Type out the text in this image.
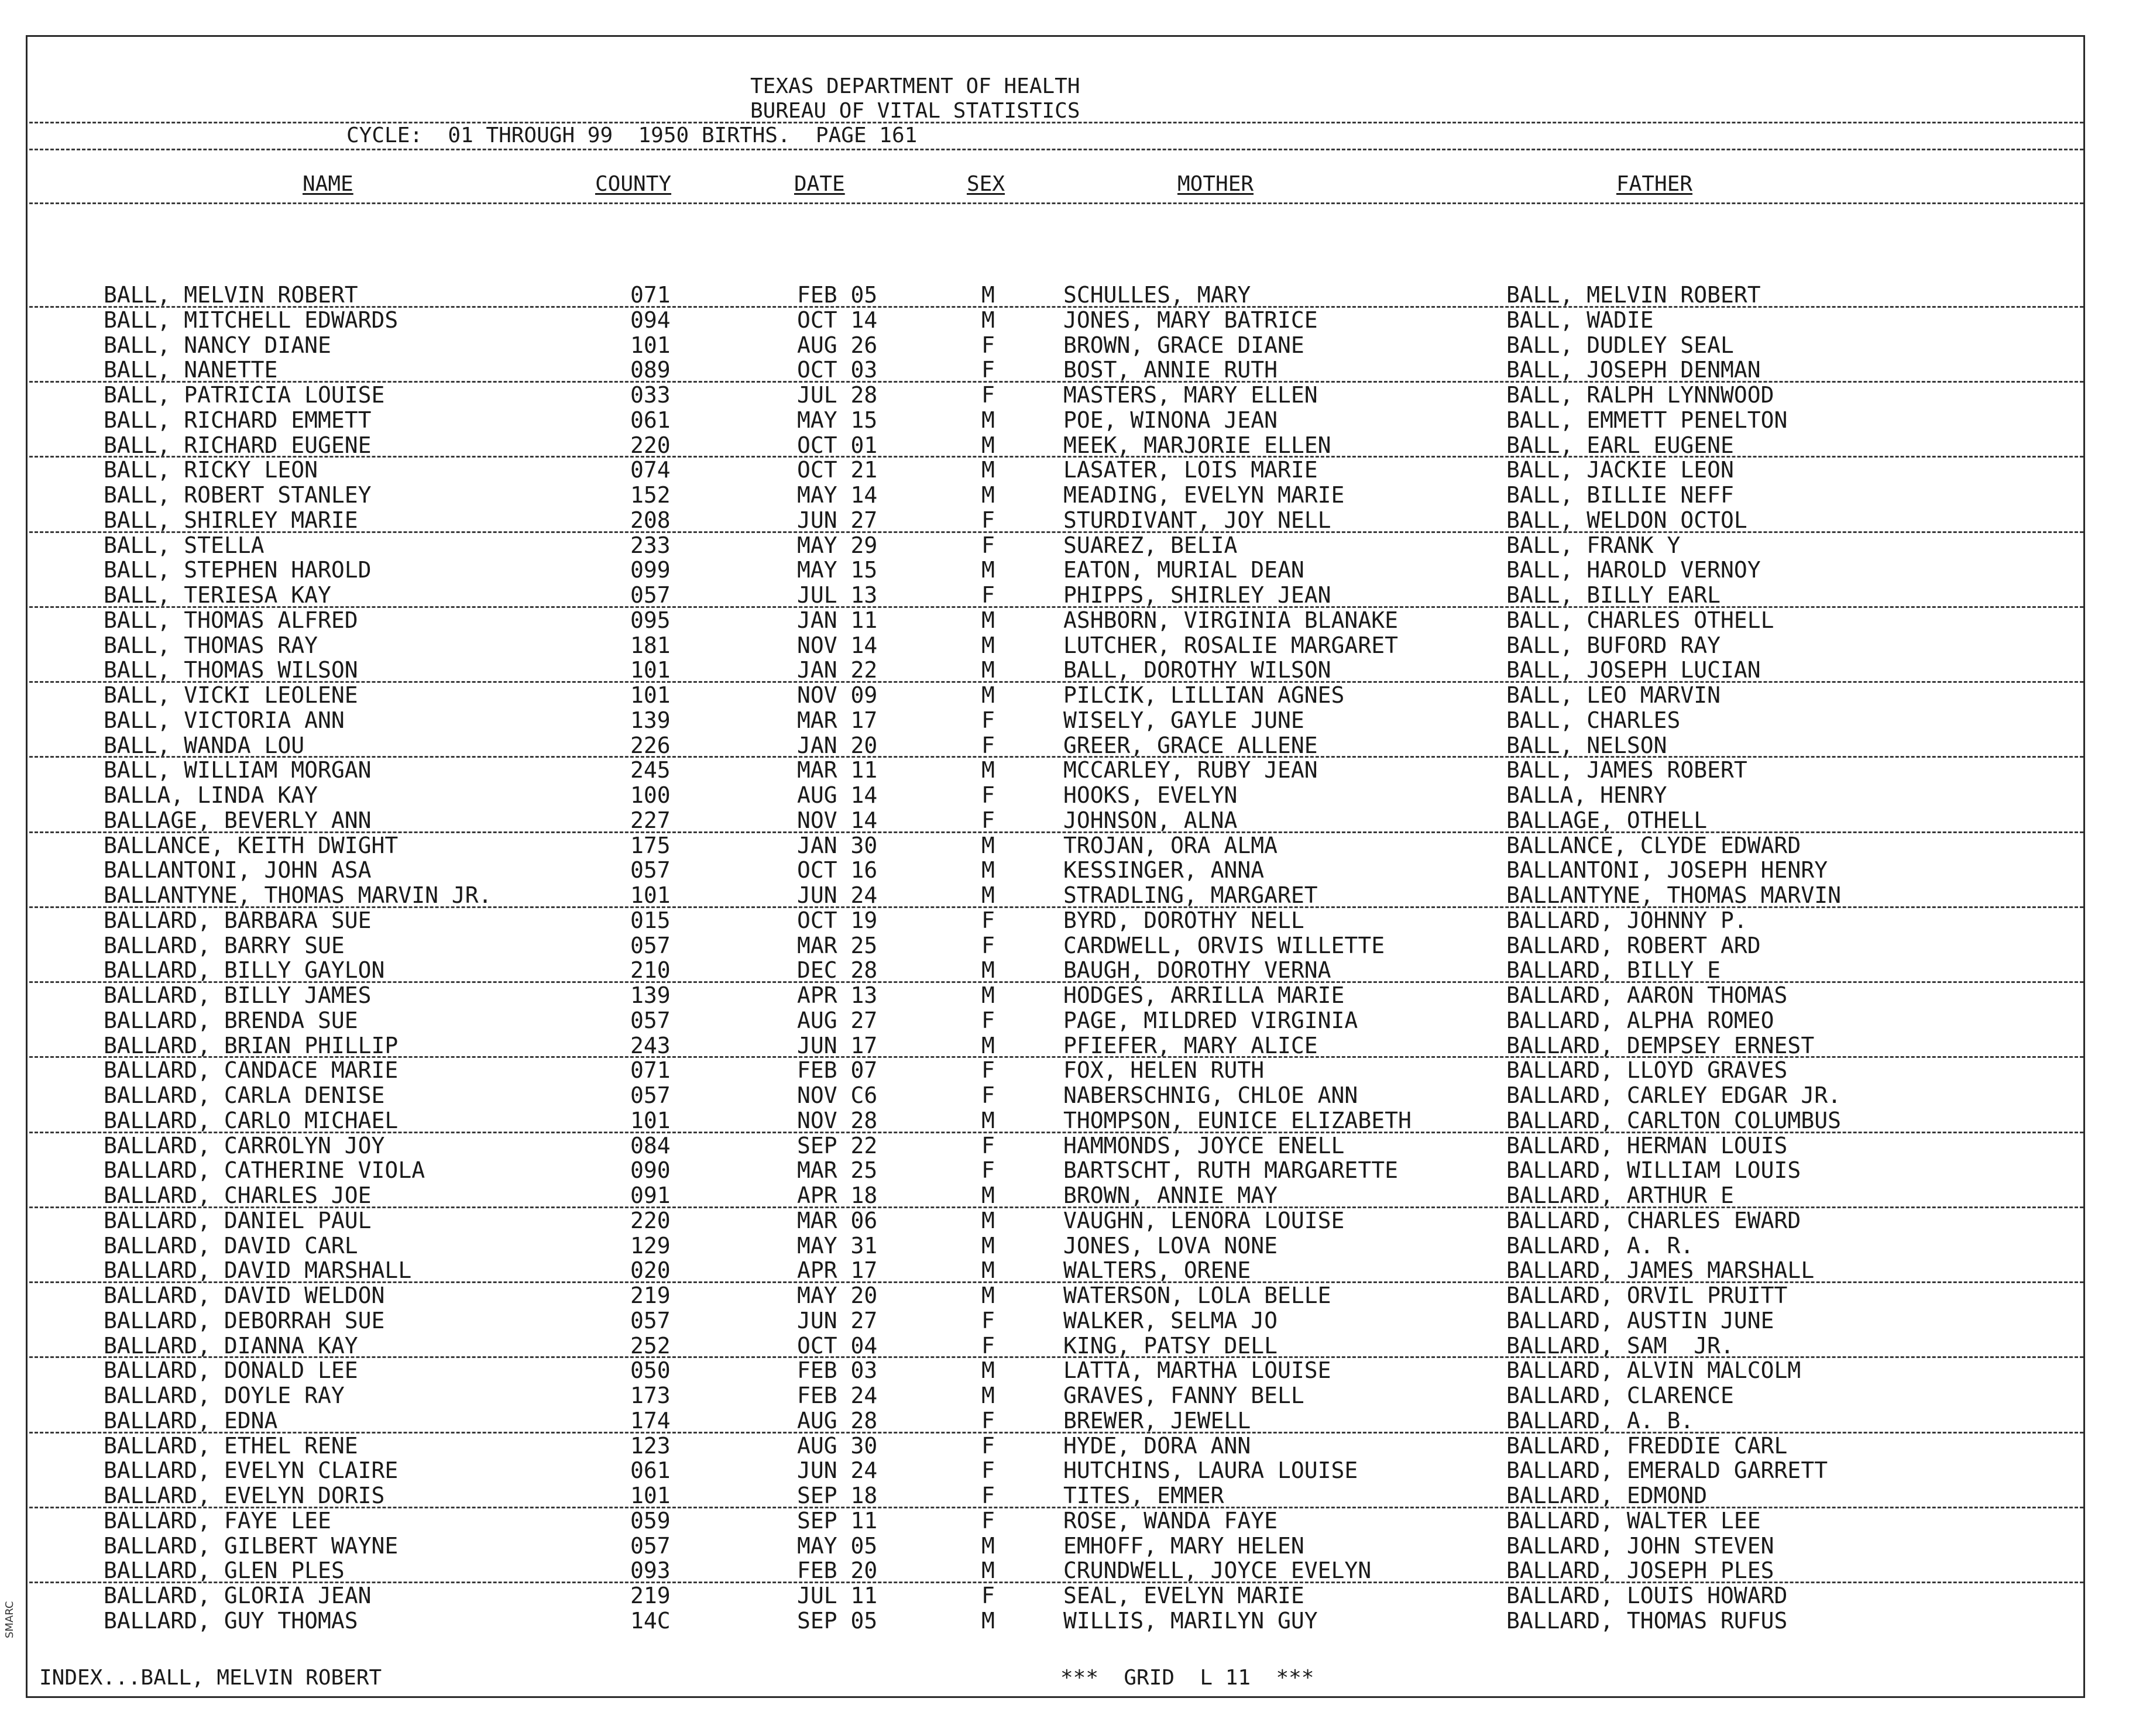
TEXAS DEPARTMENT OF HEALTH
BUREAU OF VITAL STATISTICS
CYCLE:  01 THROUGH 99  1950 BIRTHS.  PAGE 161
NAME	COUNTY	DATE	SEX	MOTHER	FATHER
BALL, MELVIN ROBERT	071	FEB 05	M	SCHULLES, MARY	BALL, MELVIN ROBERT
BALL, MITCHELL EDWARDS	094	OCT 14	M	JONES, MARY BATRICE	BALL, WADIE
BALL, NANCY DIANE	101	AUG 26	F	BROWN, GRACE DIANE	BALL, DUDLEY SEAL
BALL, NANETTE	089	OCT 03	F	BOST, ANNIE RUTH	BALL, JOSEPH DENMAN
BALL, PATRICIA LOUISE	033	JUL 28	F	MASTERS, MARY ELLEN	BALL, RALPH LYNNWOOD
BALL, RICHARD EMMETT	061	MAY 15	M	POE, WINONA JEAN	BALL, EMMETT PENELTON
BALL, RICHARD EUGENE	220	OCT 01	M	MEEK, MARJORIE ELLEN	BALL, EARL EUGENE
BALL, RICKY LEON	074	OCT 21	M	LASATER, LOIS MARIE	BALL, JACKIE LEON
BALL, ROBERT STANLEY	152	MAY 14	M	MEADING, EVELYN MARIE	BALL, BILLIE NEFF
BALL, SHIRLEY MARIE	208	JUN 27	F	STURDIVANT, JOY NELL	BALL, WELDON OCTOL
BALL, STELLA	233	MAY 29	F	SUAREZ, BELIA	BALL, FRANK Y
BALL, STEPHEN HAROLD	099	MAY 15	M	EATON, MURIAL DEAN	BALL, HAROLD VERNOY
BALL, TERIESA KAY	057	JUL 13	F	PHIPPS, SHIRLEY JEAN	BALL, BILLY EARL
BALL, THOMAS ALFRED	095	JAN 11	M	ASHBORN, VIRGINIA BLANAKE	BALL, CHARLES OTHELL
BALL, THOMAS RAY	181	NOV 14	M	LUTCHER, ROSALIE MARGARET	BALL, BUFORD RAY
BALL, THOMAS WILSON	101	JAN 22	M	BALL, DOROTHY WILSON	BALL, JOSEPH LUCIAN
BALL, VICKI LEOLENE	101	NOV 09	M	PILCIK, LILLIAN AGNES	BALL, LEO MARVIN
BALL, VICTORIA ANN	139	MAR 17	F	WISELY, GAYLE JUNE	BALL, CHARLES
BALL, WANDA LOU	226	JAN 20	F	GREER, GRACE ALLENE	BALL, NELSON
BALL, WILLIAM MORGAN	245	MAR 11	M	MCCARLEY, RUBY JEAN	BALL, JAMES ROBERT
BALLA, LINDA KAY	100	AUG 14	F	HOOKS, EVELYN	BALLA, HENRY
BALLAGE, BEVERLY ANN	227	NOV 14	F	JOHNSON, ALNA	BALLAGE, OTHELL
BALLANCE, KEITH DWIGHT	175	JAN 30	M	TROJAN, ORA ALMA	BALLANCE, CLYDE EDWARD
BALLANTONI, JOHN ASA	057	OCT 16	M	KESSINGER, ANNA	BALLANTONI, JOSEPH HENRY
BALLANTYNE, THOMAS MARVIN JR.	101	JUN 24	M	STRADLING, MARGARET	BALLANTYNE, THOMAS MARVIN
BALLARD, BARBARA SUE	015	OCT 19	F	BYRD, DOROTHY NELL	BALLARD, JOHNNY P.
BALLARD, BARRY SUE	057	MAR 25	F	CARDWELL, ORVIS WILLETTE	BALLARD, ROBERT ARD
BALLARD, BILLY GAYLON	210	DEC 28	M	BAUGH, DOROTHY VERNA	BALLARD, BILLY E
BALLARD, BILLY JAMES	139	APR 13	M	HODGES, ARRILLA MARIE	BALLARD, AARON THOMAS
BALLARD, BRENDA SUE	057	AUG 27	F	PAGE, MILDRED VIRGINIA	BALLARD, ALPHA ROMEO
BALLARD, BRIAN PHILLIP	243	JUN 17	M	PFIEFER, MARY ALICE	BALLARD, DEMPSEY ERNEST
BALLARD, CANDACE MARIE	071	FEB 07	F	FOX, HELEN RUTH	BALLARD, LLOYD GRAVES
BALLARD, CARLA DENISE	057	NOV C6	F	NABERSCHNIG, CHLOE ANN	BALLARD, CARLEY EDGAR JR.
BALLARD, CARLO MICHAEL	101	NOV 28	M	THOMPSON, EUNICE ELIZABETH	BALLARD, CARLTON COLUMBUS
BALLARD, CARROLYN JOY	084	SEP 22	F	HAMMONDS, JOYCE ENELL	BALLARD, HERMAN LOUIS
BALLARD, CATHERINE VIOLA	090	MAR 25	F	BARTSCHT, RUTH MARGARETTE	BALLARD, WILLIAM LOUIS
BALLARD, CHARLES JOE	091	APR 18	M	BROWN, ANNIE MAY	BALLARD, ARTHUR E
BALLARD, DANIEL PAUL	220	MAR 06	M	VAUGHN, LENORA LOUISE	BALLARD, CHARLES EWARD
BALLARD, DAVID CARL	129	MAY 31	M	JONES, LOVA NONE	BALLARD, A. R.
BALLARD, DAVID MARSHALL	020	APR 17	M	WALTERS, ORENE	BALLARD, JAMES MARSHALL
BALLARD, DAVID WELDON	219	MAY 20	M	WATERSON, LOLA BELLE	BALLARD, ORVIL PRUITT
BALLARD, DEBORRAH SUE	057	JUN 27	F	WALKER, SELMA JO	BALLARD, AUSTIN JUNE
BALLARD, DIANNA KAY	252	OCT 04	F	KING, PATSY DELL	BALLARD, SAM  JR.
BALLARD, DONALD LEE	050	FEB 03	M	LATTA, MARTHA LOUISE	BALLARD, ALVIN MALCOLM
BALLARD, DOYLE RAY	173	FEB 24	M	GRAVES, FANNY BELL	BALLARD, CLARENCE
BALLARD, EDNA	174	AUG 28	F	BREWER, JEWELL	BALLARD, A. B.
BALLARD, ETHEL RENE	123	AUG 30	F	HYDE, DORA ANN	BALLARD, FREDDIE CARL
BALLARD, EVELYN CLAIRE	061	JUN 24	F	HUTCHINS, LAURA LOUISE	BALLARD, EMERALD GARRETT
BALLARD, EVELYN DORIS	101	SEP 18	F	TITES, EMMER	BALLARD, EDMOND
BALLARD, FAYE LEE	059	SEP 11	F	ROSE, WANDA FAYE	BALLARD, WALTER LEE
BALLARD, GILBERT WAYNE	057	MAY 05	M	EMHOFF, MARY HELEN	BALLARD, JOHN STEVEN
BALLARD, GLEN PLES	093	FEB 20	M	CRUNDWELL, JOYCE EVELYN	BALLARD, JOSEPH PLES
BALLARD, GLORIA JEAN	219	JUL 11	F	SEAL, EVELYN MARIE	BALLARD, LOUIS HOWARD
BALLARD, GUY THOMAS	14C	SEP 05	M	WILLIS, MARILYN GUY	BALLARD, THOMAS RUFUS
INDEX...BALL, MELVIN ROBERT	***  GRID  L 11  ***
SMARC
